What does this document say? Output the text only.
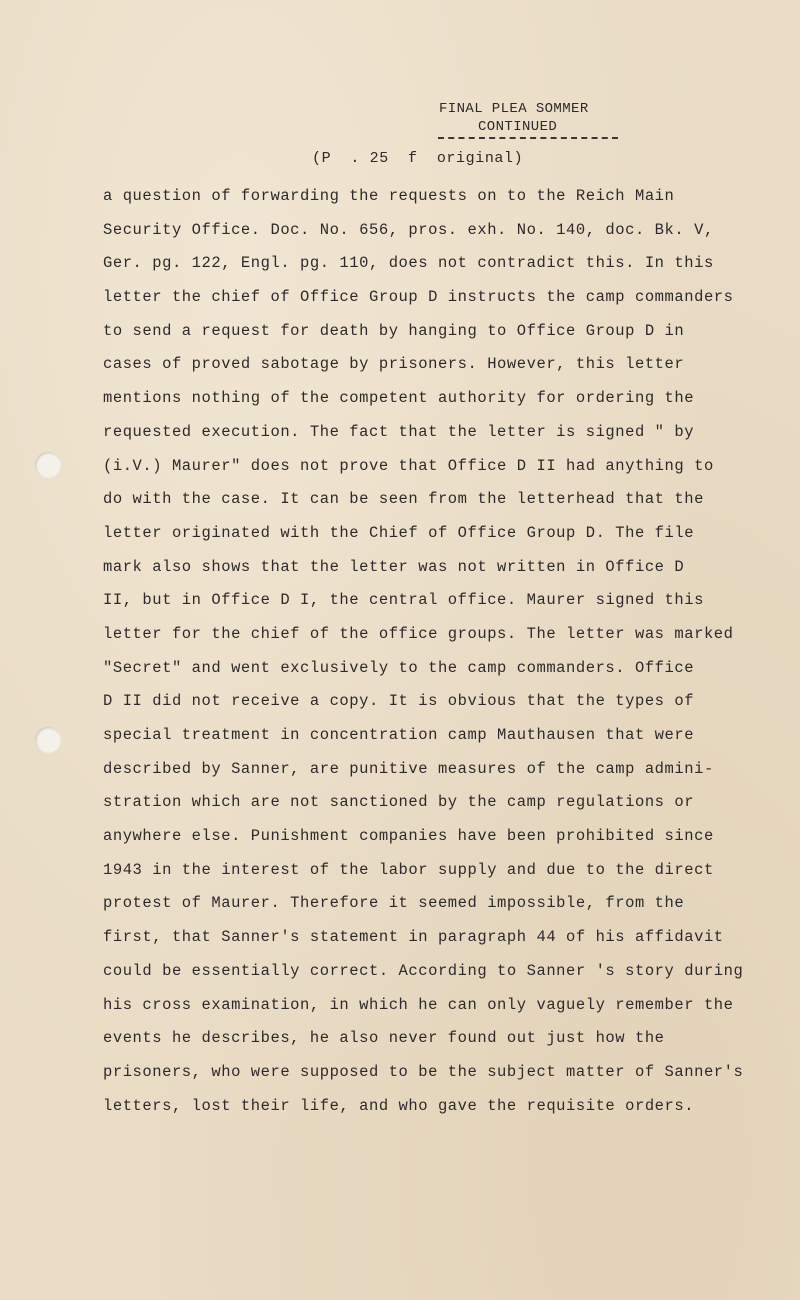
FINAL PLEA SOMMER
CONTINUED
(P  . 25  f  original)
a question of forwarding the requests on to the Reich Main
Security Office. Doc. No. 656, pros. exh. No. 140, doc. Bk. V,
Ger. pg. 122, Engl. pg. 110, does not contradict this. In this
letter the chief of Office Group D instructs the camp commanders
to send a request for death by hanging to Office Group D in
cases of proved sabotage by prisoners. However, this letter
mentions nothing of the competent authority for ordering the
requested execution. The fact that the letter is signed " by
(i.V.) Maurer" does not prove that Office D II had anything to
do with the case. It can be seen from the letterhead that the
letter originated with the Chief of Office Group D. The file
mark also shows that the letter was not written in Office D
II, but in Office D I, the central office. Maurer signed this
letter for the chief of the office groups. The letter was marked
"Secret" and went exclusively to the camp commanders. Office
D II did not receive a copy. It is obvious that the types of
special treatment in concentration camp Mauthausen that were
described by Sanner, are punitive measures of the camp admini-
stration which are not sanctioned by the camp regulations or
anywhere else. Punishment companies have been prohibited since
1943 in the interest of the labor supply and due to the direct
protest of Maurer. Therefore it seemed impossible, from the
first, that Sanner's statement in paragraph 44 of his affidavit
could be essentially correct. According to Sanner 's story during
his cross examination, in which he can only vaguely remember the
events he describes, he also never found out just how the
prisoners, who were supposed to be the subject matter of Sanner's
letters, lost their life, and who gave the requisite orders.
